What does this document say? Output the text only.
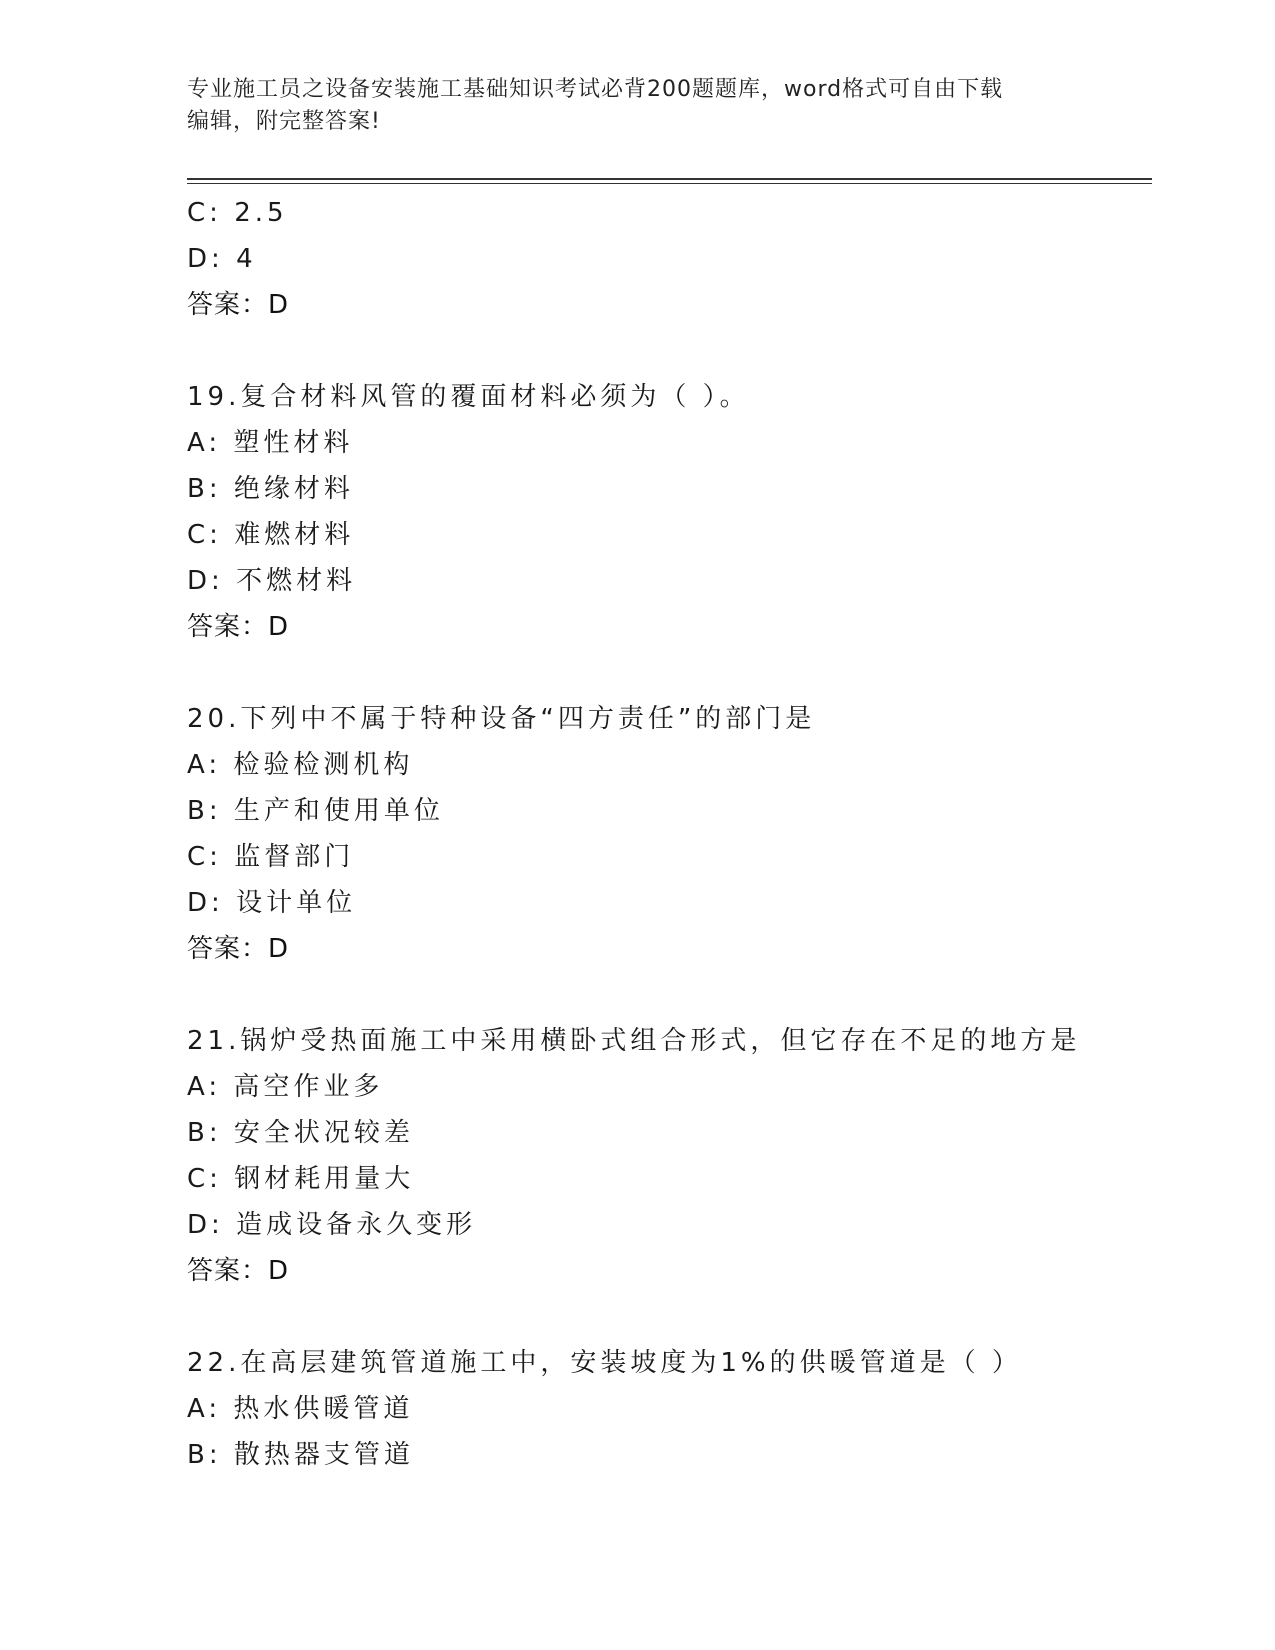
专业施工员之设备安装施工基础知识考试必背200题题库，word格式可自由下载
编辑，附完整答案!
C: 2.5
D: 4
答案：D
19.复合材料风管的覆面材料必须为（ ）。
A: 塑性材料
B: 绝缘材料
C: 难燃材料
D: 不燃材料
答案：D
20.下列中不属于特种设备“四方责任”的部门是
A: 检验检测机构
B: 生产和使用单位
C: 监督部门
D: 设计单位
答案：D
21.锅炉受热面施工中采用横卧式组合形式，但它存在不足的地方是
A: 高空作业多
B: 安全状况较差
C: 钢材耗用量大
D: 造成设备永久变形
答案：D
22.在高层建筑管道施工中，安装坡度为1%的供暖管道是（ ）
A: 热水供暖管道
B: 散热器支管道
